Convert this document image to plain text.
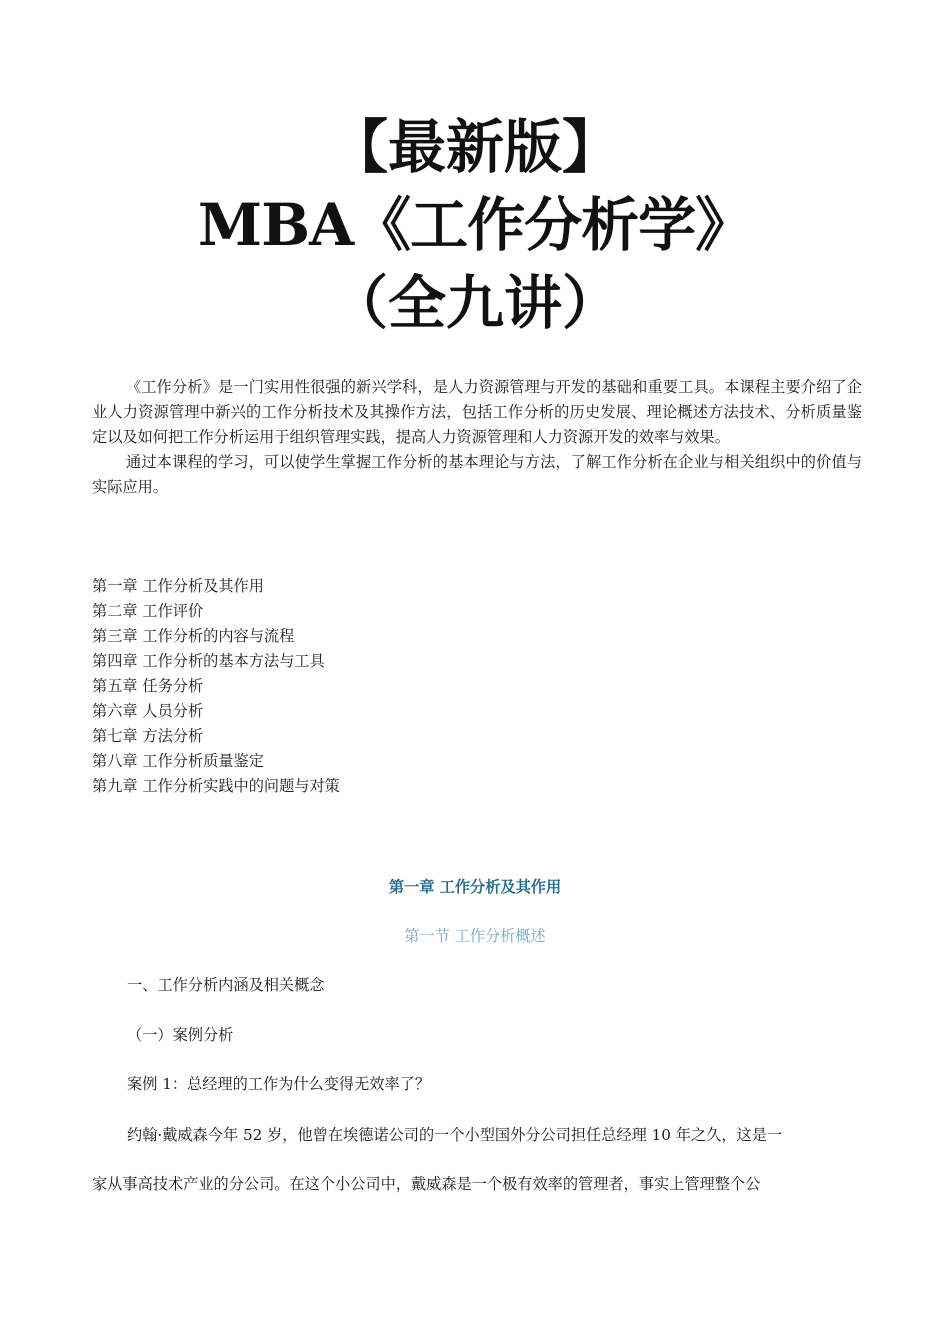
【最新版】
MBA《工作分析学》
（全九讲）

《工作分析》是一门实用性很强的新兴学科，是人力资源管理与开发的基础和重要工具。本课程主要介绍了企业人力资源管理中新兴的工作分析技术及其操作方法，包括工作分析的历史发展、理论概述方法技术、分析质量鉴定以及如何把工作分析运用于组织管理实践，提高人力资源管理和人力资源开发的效率与效果。

通过本课程的学习，可以使学生掌握工作分析的基本理论与方法，了解工作分析在企业与相关组织中的价值与实际应用。

第一章 工作分析及其作用
第二章 工作评价
第三章 工作分析的内容与流程
第四章 工作分析的基本方法与工具
第五章 任务分析
第六章 人员分析
第七章 方法分析
第八章 工作分析质量鉴定
第九章 工作分析实践中的问题与对策
第一章 工作分析及其作用
第一节 工作分析概述
一、工作分析内涵及相关概念
（一）案例分析
案例 1：总经理的工作为什么变得无效率了？
约翰·戴威森今年 52 岁，他曾在埃德诺公司的一个小型国外分公司担任总经理 10 年之久，这是一
家从事高技术产业的分公司。在这个小公司中，戴威森是一个极有效率的管理者，事实上管理整个公
